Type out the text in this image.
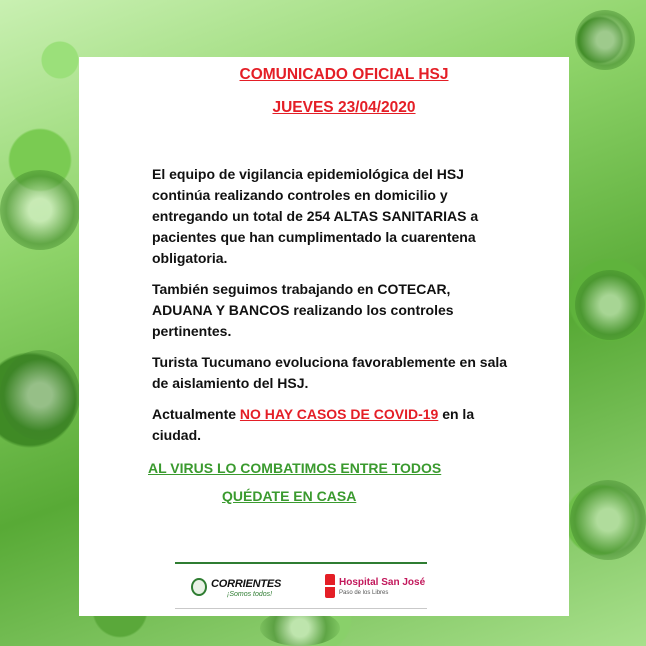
COMUNICADO OFICIAL HSJ
JUEVES 23/04/2020

El equipo de vigilancia epidemiológica del HSJ continúa realizando controles en domicilio y entregando un total de 254 ALTAS SANITARIAS a pacientes que han cumplimentado la cuarentena obligatoria.

También seguimos trabajando en COTECAR, ADUANA Y BANCOS realizando los controles pertinentes.

Turista Tucumano evoluciona favorablemente en sala de aislamiento del HSJ.

Actualmente NO HAY CASOS DE COVID-19 en la ciudad.

AL VIRUS LO COMBATIMOS ENTRE TODOS
QUÉDATE EN CASA
CORRIENTES
¡Somos todos!
Hospital San José
Paso de los Libres
